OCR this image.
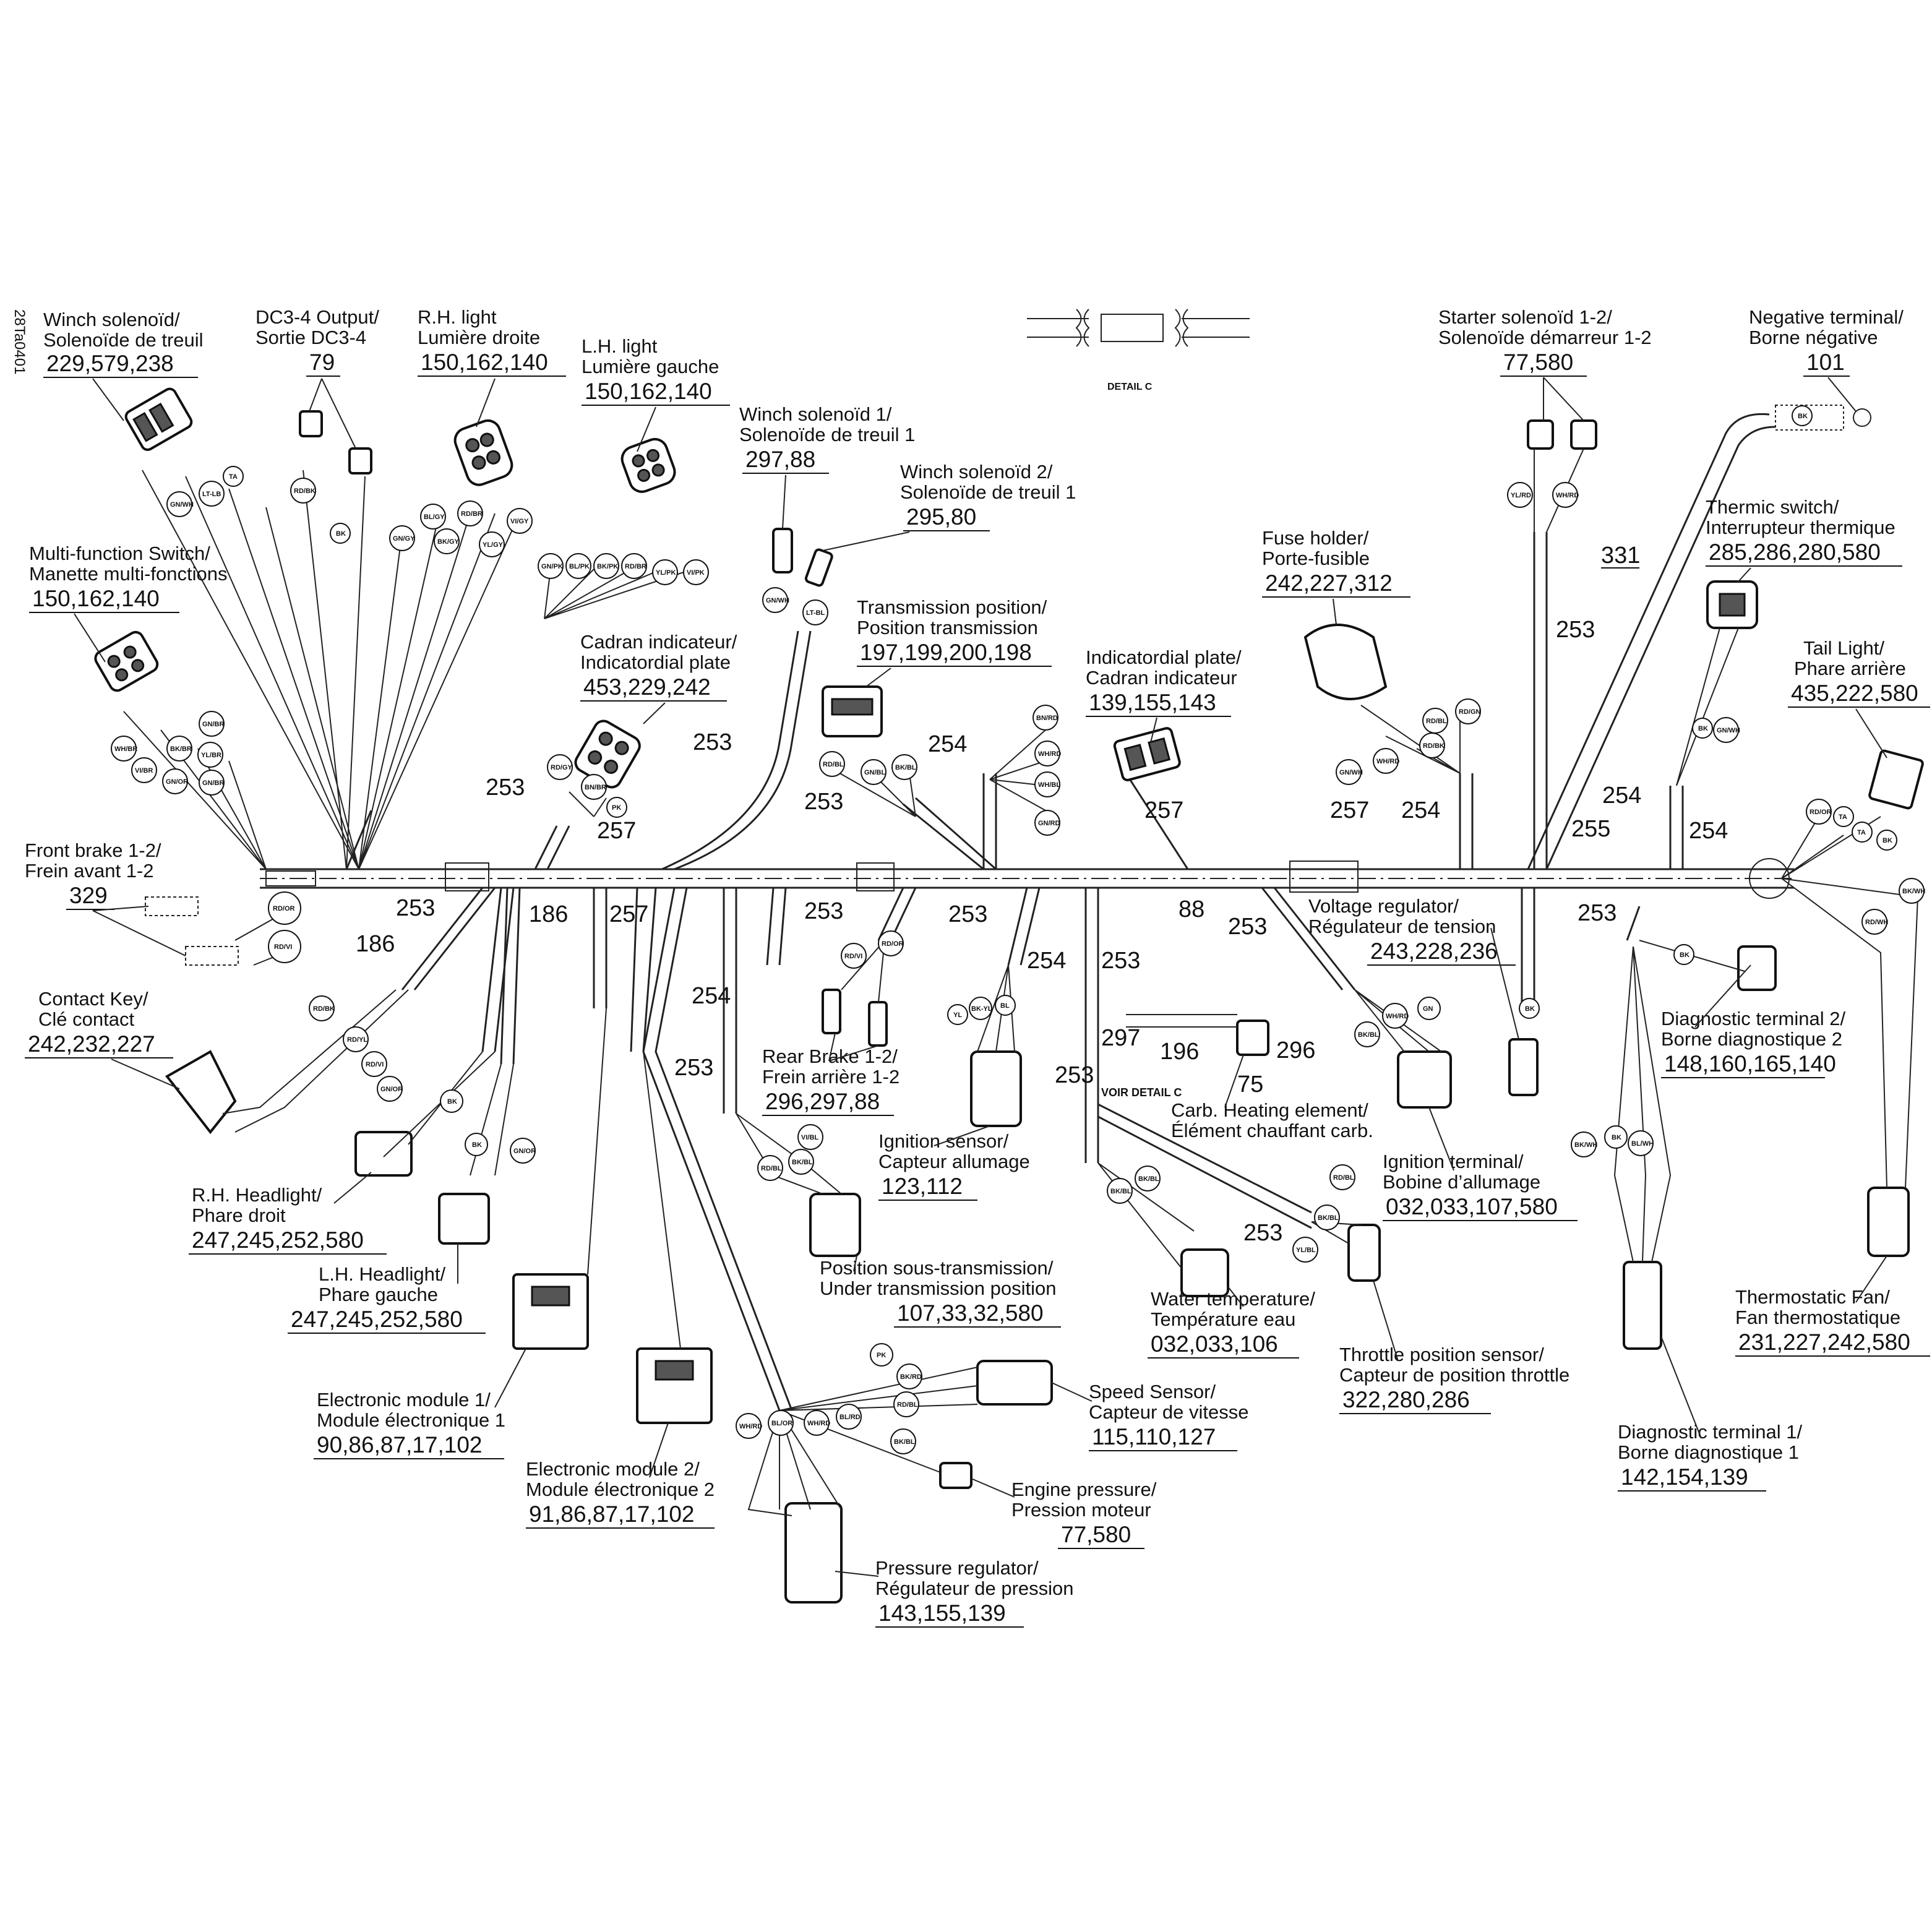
28Ta0401
DETAIL C
RD/OR
RD/VI
RD/BK
RD/YL
RD/VI
GN/OR
BK
BK
GN/OR
GN/WH
LT-BL
RD/VI
RD/OR
PK
BK/RD
RD/BL
BK/BL
WH/RD BL/OR WH/RD
BL/RD
YL
BK-YL BL
BK/BL
BK/BL	RD/BL
BK/BL
YL/BL
BK/BL
WH/RD
GN	BK
BK
BK/WH
BK
BL/WH
RD/WH
BK/WH
RD/OR
TA
TA
BK
BK GN/WH
BK
YL/RD	WH/RD
RD/GN
RD/BK
WH/RD
GN/WH
RD/BL
BN/RD
WH/RD
WH/BL
GN/RD
RD/BL
GN/BL
BK/BL
RD/GY
BN/BR
PK
GN/PK BL/PK BK/PK RD/BR
YL/PK VI/PK
GN/GY
BL/GY
BK/GY
RD/BR
YL/GY
VI/GY
RD/BK
BK
GN/WH
LT-LB
TA
WH/BR
VI/BR
BK/BR
GN/OR
YL/BR
GN/BR
GN/BR
VI/BL
BK/BL
RD/BL
331
253
253
253
253
253	253	253	253
253
253	253
253
253
254
254
254
254
254
254
255
257
257	257
257
186
186	88
297
196	296
75
Winch solenoïd/
Solenoïde de treuil
229,579,238
DC3-4 Output/
Sortie DC3-4
79
R.H. light
Lumière droite
150,162,140
L.H. light
Lumière gauche
150,162,140
Winch solenoïd 1/
Solenoïde de treuil 1
297,88	Winch solenoïd 2/
Solenoïde de treuil 1
295,80
Starter solenoïd 1-2/
Solenoïde démarreur 1-2
77,580
Negative terminal/
Borne négative
101
Thermic switch/
Interrupteur thermique
285,286,280,580
Fuse holder/
Porte-fusible
242,227,312
Multi-function Switch/
Manette multi-fonctions
150,162,140	Transmission position/
Position transmission
197,199,200,198
Cadran indicateur/
Indicatordial plate
453,229,242
Indicatordial plate/
Cadran indicateur
139,155,143
Tail Light/
Phare arrière
435,222,580
Front brake 1-2/
Frein avant 1-2
329	Voltage regulator/
Régulateur de tension
243,228,236
Contact Key/
Clé contact
242,232,227
Diagnostic terminal 2/
Borne diagnostique 2
148,160,165,140
Rear Brake 1-2/
Frein arrière 1-2
296,297,88
Ignition sensor/
Capteur allumage
123,112
VOIR DETAIL C
Carb. Heating element/
Élément chauffant carb.
Ignition terminal/
Bobine d’allumage
032,033,107,580
R.H. Headlight/
Phare droit
247,245,252,580
L.H. Headlight/
Phare gauche
247,245,252,580
Position sous-transmission/
Under transmission position
107,33,32,580
Water temperature/
Température eau
032,033,106	Throttle position sensor/
Capteur de position throttle
322,280,286
Thermostatic Fan/
Fan thermostatique
231,227,242,580
Electronic module 1/
Module électronique 1
90,86,87,17,102
Speed Sensor/
Capteur de vitesse
115,110,127	Diagnostic terminal 1/
Borne diagnostique 1
142,154,139
Electronic module 2/
Module électronique 2
91,86,87,17,102
Engine pressure/
Pression moteur
77,580
Pressure regulator/
Régulateur de pression
143,155,139
